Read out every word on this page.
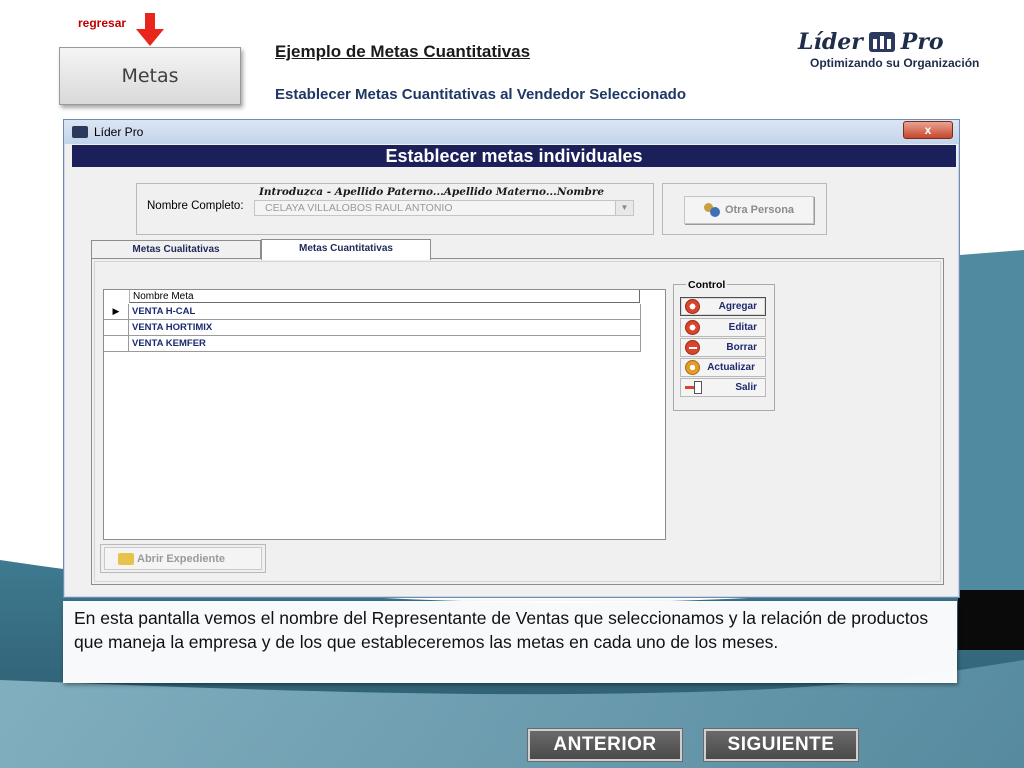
regresar
Metas
Ejemplo de Metas Cuantitativas
Establecer Metas Cuantitativas al Vendedor Seleccionado
Líder Pro
Optimizando su Organización
Líder Pro	x
Establecer metas individuales
Introduzca - Apellido Paterno...Apellido Materno...Nombre
Nombre Completo:	CELAYA VILLALOBOS RAUL ANTONIO	▼	Otra Persona
Metas Cualitativas	Metas Cuantitativas
Nombre Meta
▶	VENTA H-CAL
VENTA HORTIMIX
VENTA KEMFER
Control
Agregar
Editar
Borrar
Actualizar
Salir
Abrir Expediente
En esta pantalla vemos el nombre del Representante de Ventas que seleccionamos y la relación de productos que maneja la empresa y de los que estableceremos las metas en cada uno de los meses.
ANTERIOR	SIGUIENTE
